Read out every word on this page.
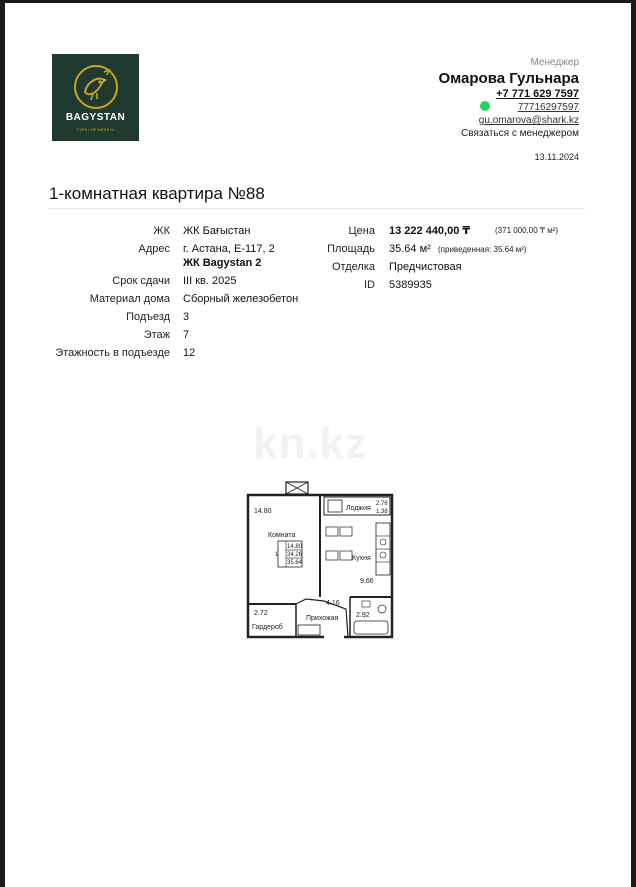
BAGYSTAN
ТҮРЛІ ҮЙ МЕКЕНІ
Менеджер
Омарова Гульнара
+7 771 629 7597
77716297597
gu.omarova@shark.kz
Связаться с менеджером
13.11.2024
1-комнатная квартира №88
ЖК ЖК Бағыстан
Адрес г. Астана, Е-117, 2
ЖК Bagystan 2
Срок сдачи III кв. 2025
Материал дома Сборный железобетон
Подъезд 3
Этаж 7
Этажность в подъезде 12
Цена 13 222 440,00 ₸	(371 000,00 ₸ м²)
Площадь 35.64 м² (приведенная: 35.64 м²)
Отделка Предчистовая
ID 5389935
kn.kz
14.80
Комната
1
14.80
34.26
35.64
Лоджия
2.76
1.38
Кухня
9.66
4.16
Прихожая
2.72
Гардероб
2.92
